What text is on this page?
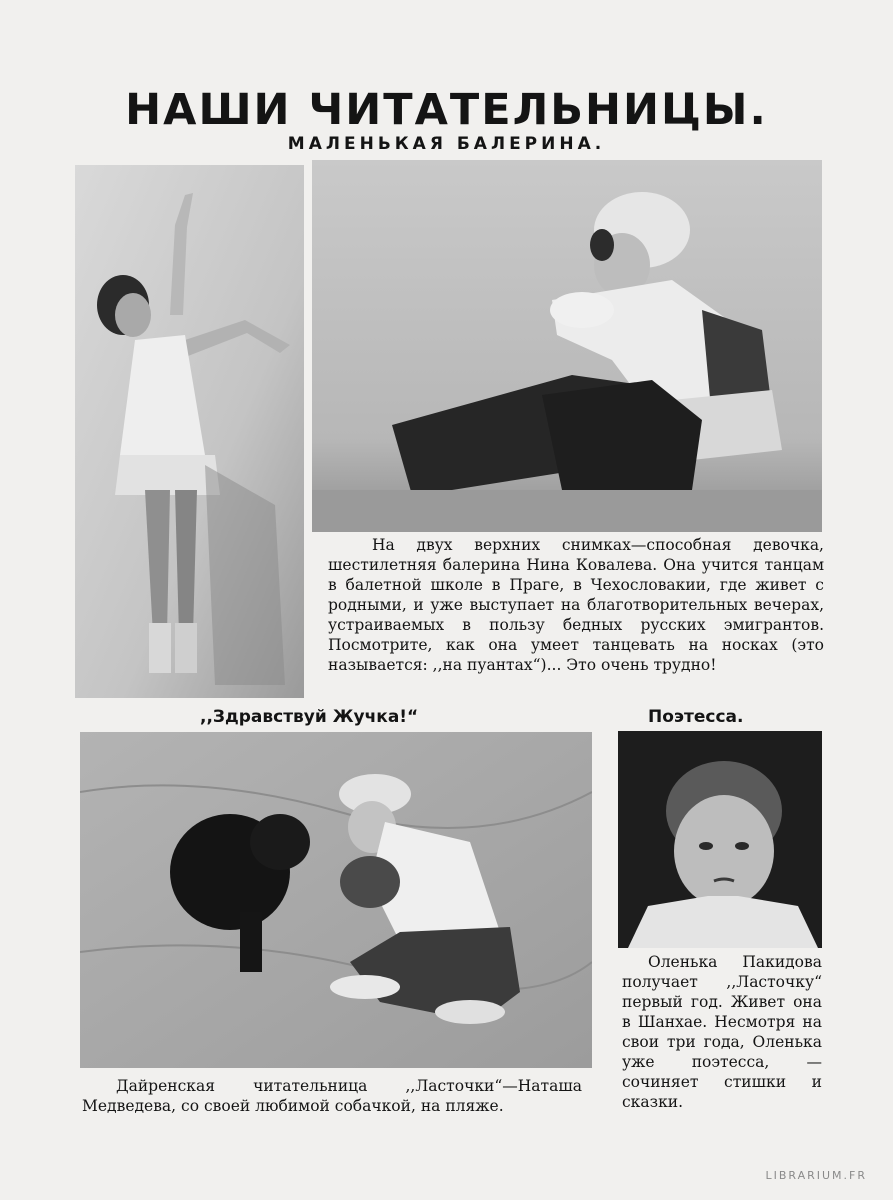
НАШИ ЧИТАТЕЛЬНИЦЫ.
МАЛЕНЬКАЯ БАЛЕРИНА.

На двух верхних снимках—способная девочка, шестилетняя балерина Нина Ковалева. Она учится танцам в балетной школе в Праге, в Чехословакии, где живет с родными, и уже выступает на благотворительных вечерах, устраиваемых в пользу бедных русских эмигрантов. Посмотрите, как она умеет танцевать на носках (это называется: ,,на пуантах“)... Это очень трудно!

,,Здравствуй Жучка!“	Поэтесса.

Дайренская читательница ,,Ласточки“—Наташа Медведева, со своей любимой собачкой, на пляже.

Оленька Пакидова получает ,,Ласточку“ первый год. Живет она в Шанхае. Несмотря на свои три года, Оленька уже поэтесса, — сочиняет стишки и сказки.

LIBRARIUM.FR
